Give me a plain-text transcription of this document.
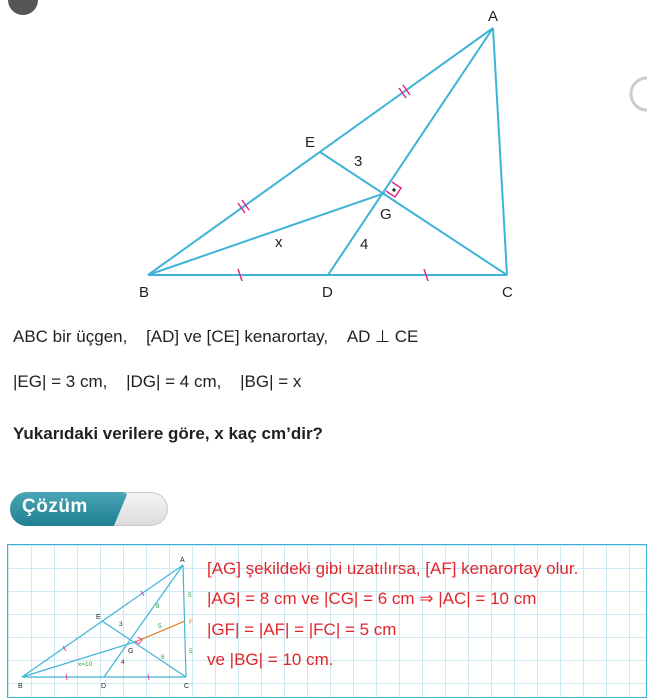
A
B	C
D
E
G
3
4
x
ABC bir üçgen, [AD] ve [CE] kenarortay, AD ⊥ CE
|EG| = 3 cm, |DG| = 4 cm, |BG| = x
Yukarıdaki verilere göre, x kaç cm’dir?
Çözüm
A
B	C
D
E
G
F
3
4
x=10
8
6
5
5
5
[AG] şekildeki gibi uzatılırsa, [AF] kenarortay olur.
|AG| = 8 cm ve |CG| = 6 cm ⇒ |AC| = 10 cm
|GF| = |AF| = |FC| = 5 cm
ve |BG| = 10 cm.
